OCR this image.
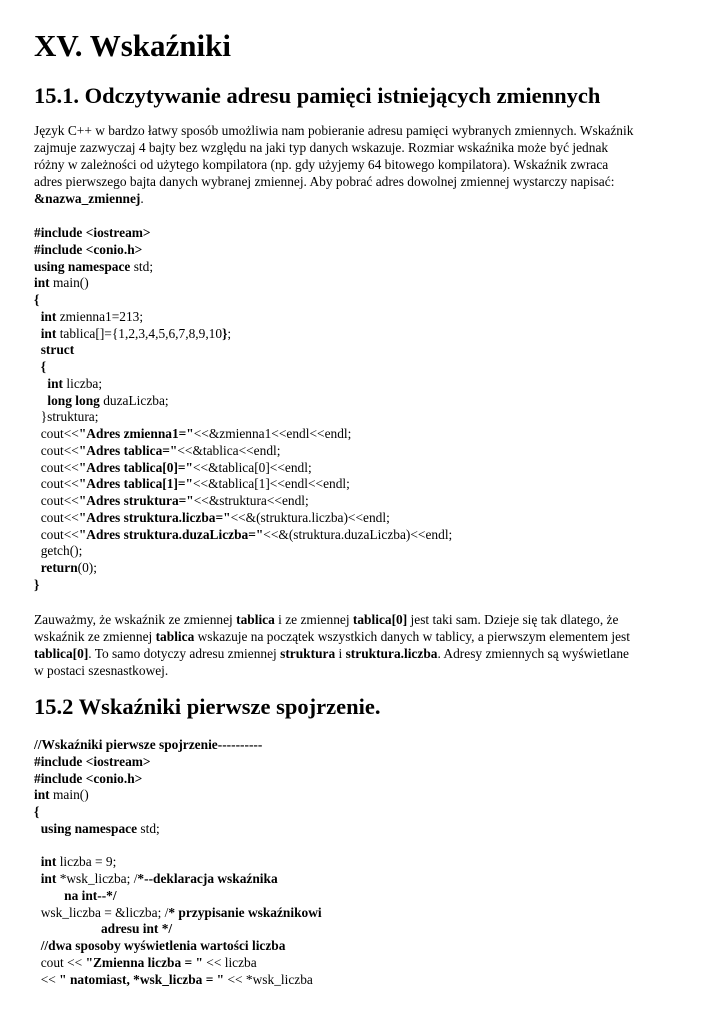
XV. Wskaźniki
15.1. Odczytywanie adresu pamięci istniejących zmiennych
Język C++ w bardzo łatwy sposób umożliwia nam pobieranie adresu pamięci wybranych zmiennych. Wskaźnik
zajmuje zazwyczaj 4 bajty bez względu na jaki typ danych wskazuje. Rozmiar wskaźnika może być jednak
różny w zależności od użytego kompilatora (np. gdy użyjemy 64 bitowego kompilatora). Wskaźnik zwraca
adres pierwszego bajta danych wybranej zmiennej. Aby pobrać adres dowolnej zmiennej wystarczy napisać:
&nazwa_zmiennej.
#include <iostream>
#include <conio.h>
using namespace std;
int main()
{
int zmienna1=213;
int tablica[]={1,2,3,4,5,6,7,8,9,10};
struct
{
int liczba;
long long duzaLiczba;
}struktura;
cout<<"Adres zmienna1="<<&zmienna1<<endl<<endl;
cout<<"Adres tablica="<<&tablica<<endl;
cout<<"Adres tablica[0]="<<&tablica[0]<<endl;
cout<<"Adres tablica[1]="<<&tablica[1]<<endl<<endl;
cout<<"Adres struktura="<<&struktura<<endl;
cout<<"Adres struktura.liczba="<<&(struktura.liczba)<<endl;
cout<<"Adres struktura.duzaLiczba="<<&(struktura.duzaLiczba)<<endl;
getch();
return(0);
}
Zauważmy, że wskaźnik ze zmiennej tablica i ze zmiennej tablica[0] jest taki sam. Dzieje się tak dlatego, że
wskaźnik ze zmiennej tablica wskazuje na początek wszystkich danych w tablicy, a pierwszym elementem jest
tablica[0]. To samo dotyczy adresu zmiennej struktura i struktura.liczba. Adresy zmiennych są wyświetlane
w postaci szesnastkowej.
15.2 Wskaźniki pierwsze spojrzenie.
//Wskaźniki pierwsze spojrzenie----------
#include <iostream>
#include <conio.h>
int main()
{
using namespace std;
int liczba = 9;
int *wsk_liczba; /*--deklaracja wskaźnika
na int--*/
wsk_liczba = &liczba; /* przypisanie wskaźnikowi
adresu int */
//dwa sposoby wyświetlenia wartości liczba
cout << "Zmienna liczba = " << liczba
<< " natomiast, *wsk_liczba = " << *wsk_liczba
